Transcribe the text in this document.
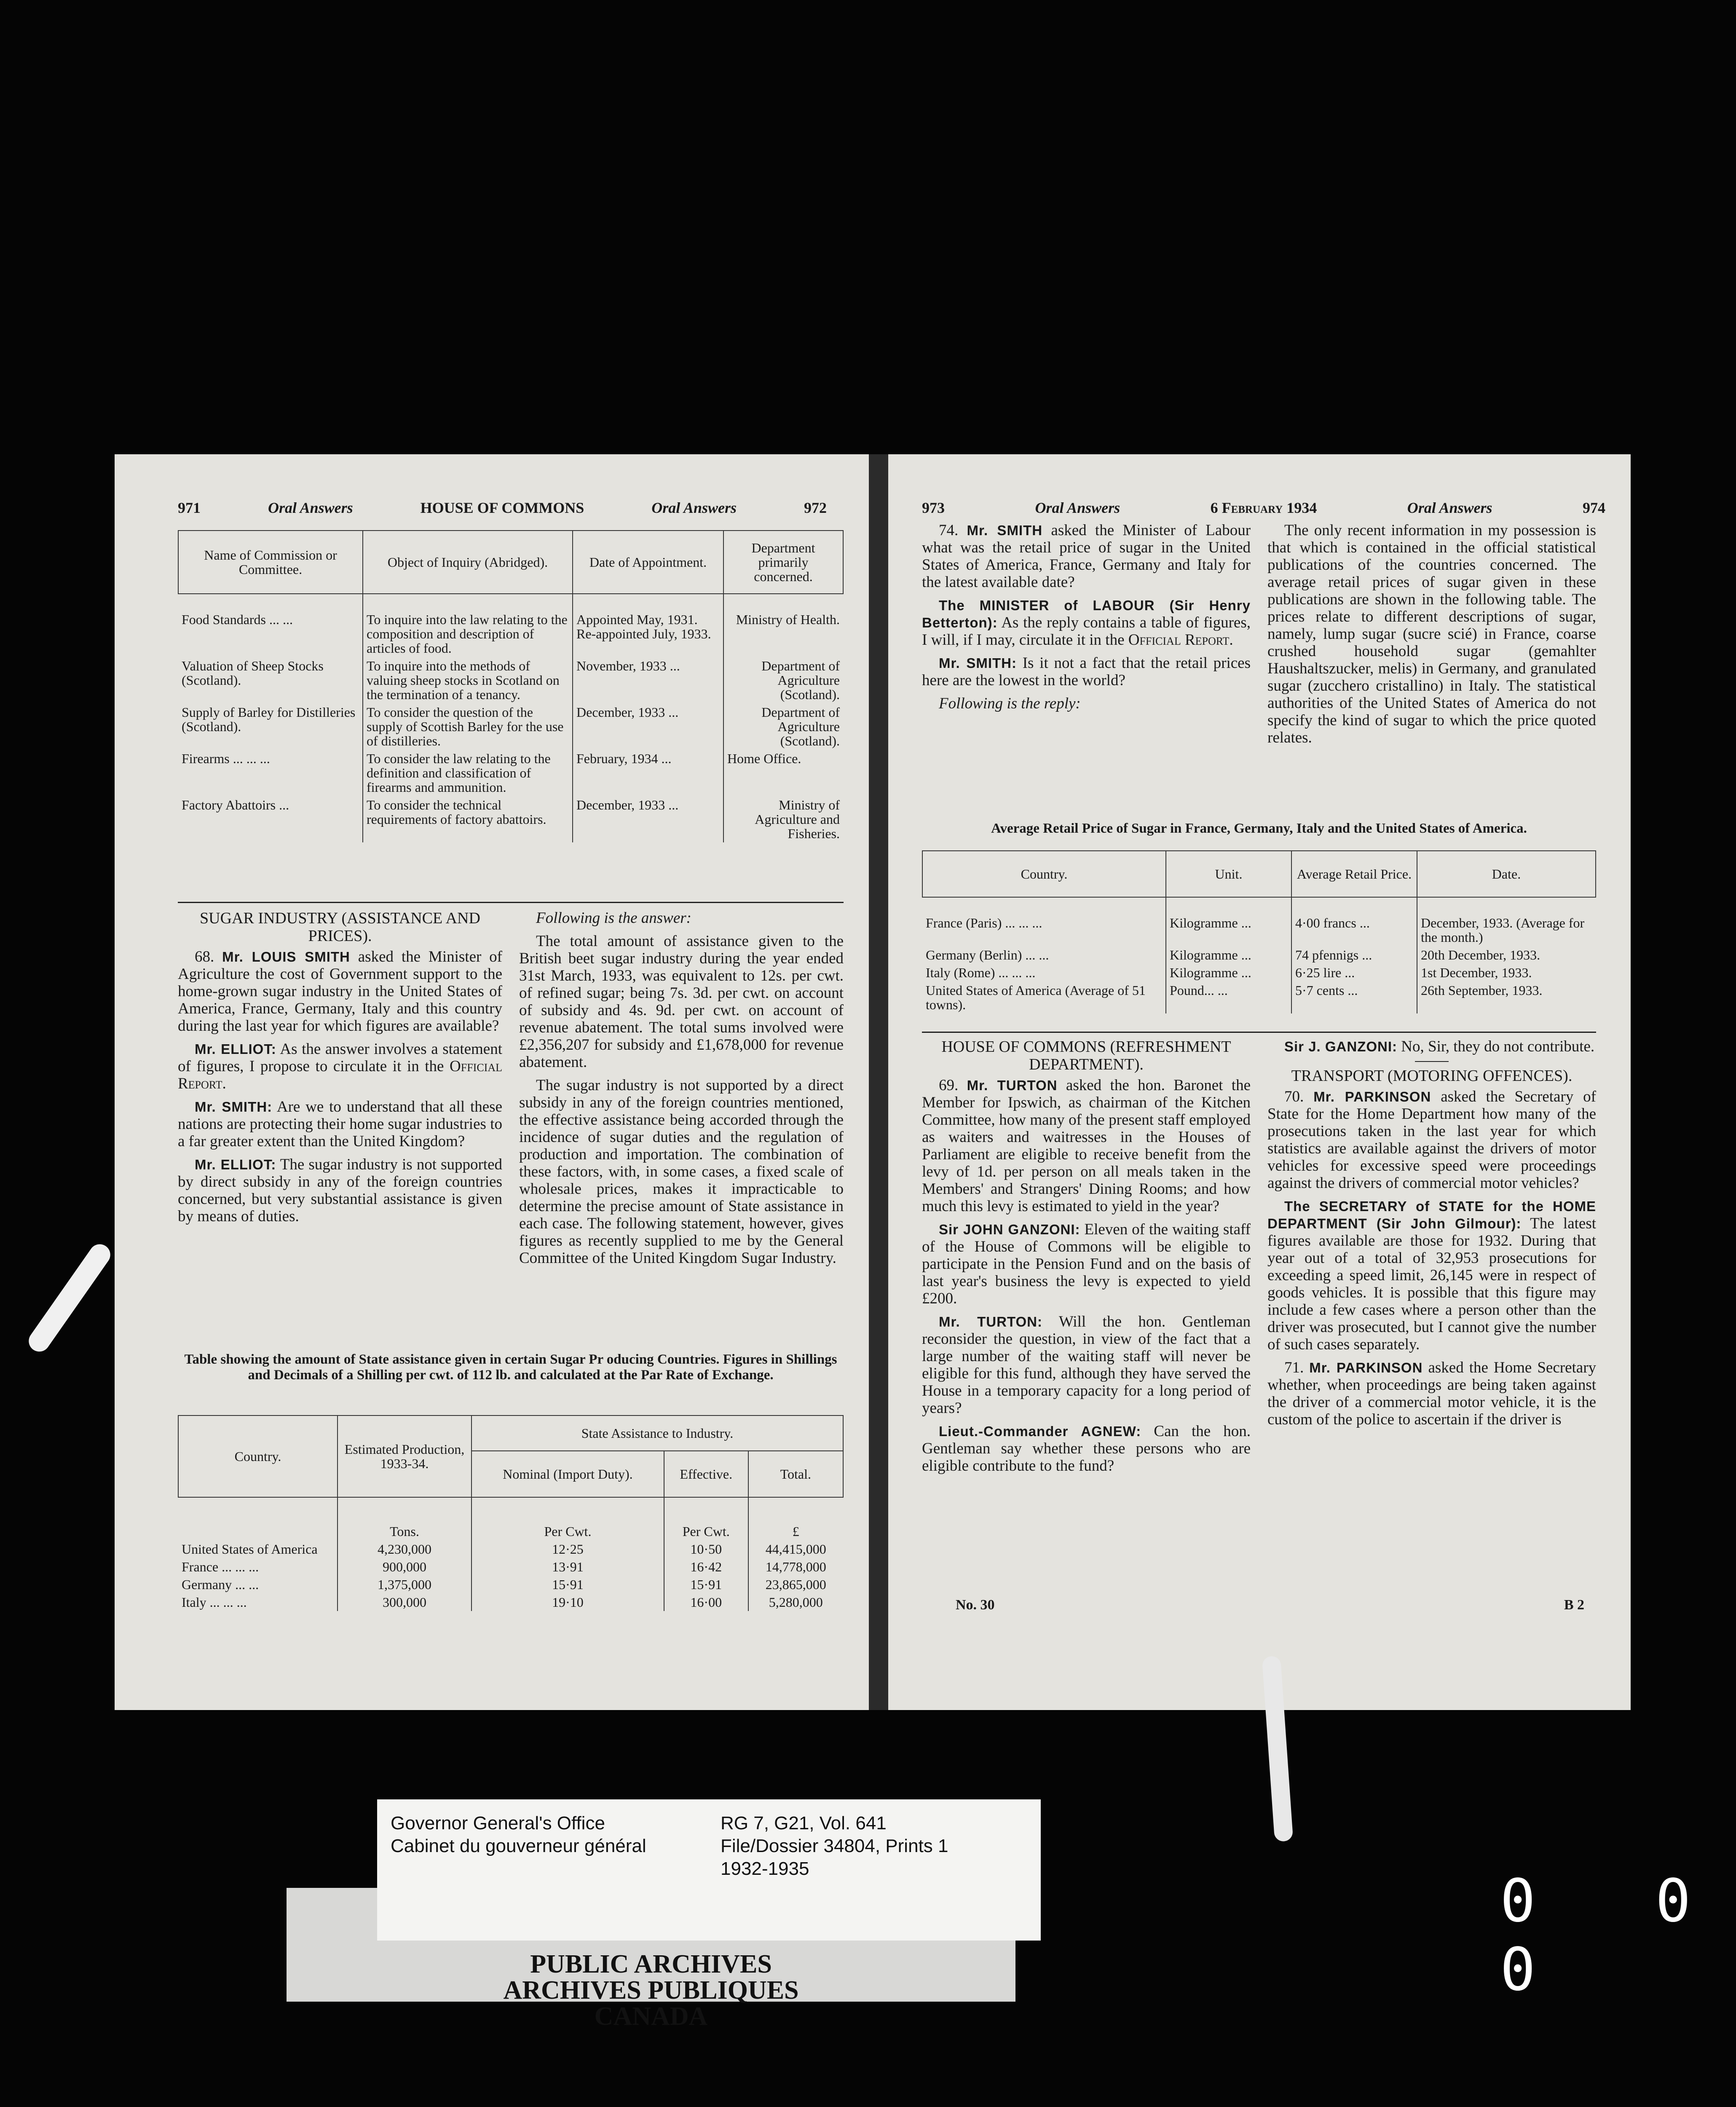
971	Oral Answers	HOUSE OF COMMONS	Oral Answers	972
Name of Commission or Committee.	Object of Inquiry (Abridged).	Date of Appointment.	Department primarily concerned.

Food Standards ... ...	To inquire into the law relating to the composition and description of articles of food.	Appointed May, 1931. Re-appointed July, 1933.	Ministry of Health.
Valuation of Sheep Stocks (Scotland).	To inquire into the methods of valuing sheep stocks in Scotland on the termination of a tenancy.	November, 1933 ...	Department of Agriculture (Scotland).
Supply of Barley for Distilleries (Scotland).	To consider the question of the supply of Scottish Barley for the use of distilleries.	December, 1933 ...	Department of Agriculture (Scotland).
Firearms ... ... ...	To consider the law relating to the definition and classification of firearms and ammunition.	February, 1934 ...	Home Office.
Factory Abattoirs ...	To consider the technical requirements of factory abattoirs.	December, 1933 ...	Ministry of Agriculture and Fisheries.
SUGAR INDUSTRY (ASSISTANCE AND PRICES).

68. Mr. LOUIS SMITH asked the Minister of Agriculture the cost of Government support to the home-grown sugar industry in the United States of America, France, Germany, Italy and this country during the last year for which figures are available?

Mr. ELLIOT: As the answer involves a statement of figures, I propose to circulate it in the Official Report.

Mr. SMITH: Are we to understand that all these nations are protecting their home sugar industries to a far greater extent than the United Kingdom?

Mr. ELLIOT: The sugar industry is not supported by direct subsidy in any of the foreign countries concerned, but very substantial assistance is given by means of duties.

Following is the answer:

The total amount of assistance given to the British beet sugar industry during the year ended 31st March, 1933, was equivalent to 12s. per cwt. of refined sugar; being 7s. 3d. per cwt. on account of subsidy and 4s. 9d. per cwt. on account of revenue abatement. The total sums involved were £2,356,207 for subsidy and £1,678,000 for revenue abatement.

The sugar industry is not supported by a direct subsidy in any of the foreign countries mentioned, the effective assistance being accorded through the incidence of sugar duties and the regulation of production and importation. The combination of these factors, with, in some cases, a fixed scale of wholesale prices, makes it impracticable to determine the precise amount of State assistance in each case. The following statement, however, gives figures as recently supplied to me by the General Committee of the United Kingdom Sugar Industry.

Table showing the amount of State assistance given in certain Sugar Pr oducing Countries. Figures in Shillings and Decimals of a Shilling per cwt. of 112 lb. and calculated at the Par Rate of Exchange.
Country.	Estimated Production, 1933-34.	State Assistance to Industry.		
		Nominal (Import Duty).	Effective.	Total.

	Tons.	Per Cwt.	Per Cwt.	£
United States of America	4,230,000	12·25	10·50	44,415,000
France ... ... ...	900,000	13·91	16·42	14,778,000
Germany ... ...	1,375,000	15·91	15·91	23,865,000
Italy ... ... ...	300,000	19·10	16·00	5,280,000
973	Oral Answers	6 February 1934	Oral Answers	974

74. Mr. SMITH asked the Minister of Labour what was the retail price of sugar in the United States of America, France, Germany and Italy for the latest available date?

The MINISTER of LABOUR (Sir Henry Betterton): As the reply contains a table of figures, I will, if I may, circulate it in the Official Report.

Mr. SMITH: Is it not a fact that the retail prices here are the lowest in the world?

Following is the reply:

The only recent information in my possession is that which is contained in the official statistical publications of the countries concerned. The average retail prices of sugar given in these publications are shown in the following table. The prices relate to different descriptions of sugar, namely, lump sugar (sucre scié) in France, coarse crushed household sugar (gemahlter Haushaltszucker, melis) in Germany, and granulated sugar (zucchero cristallino) in Italy. The statistical authorities of the United States of America do not specify the kind of sugar to which the price quoted relates.

Average Retail Price of Sugar in France, Germany, Italy and the United States of America.
Country.	Unit.	Average Retail Price.	Date.

France (Paris) ... ... ...	Kilogramme ...	4·00 francs ...	December, 1933. (Average for the month.)
Germany (Berlin) ... ...	Kilogramme ...	74 pfennigs ...	20th December, 1933.
Italy (Rome) ... ... ...	Kilogramme ...	6·25 lire ...	1st December, 1933.
United States of America (Average of 51 towns).	Pound... ...	5·7 cents ...	26th September, 1933.
HOUSE OF COMMONS (REFRESHMENT DEPARTMENT).

69. Mr. TURTON asked the hon. Baronet the Member for Ipswich, as chairman of the Kitchen Committee, how many of the present staff employed as waiters and waitresses in the Houses of Parliament are eligible to receive benefit from the levy of 1d. per person on all meals taken in the Members' and Strangers' Dining Rooms; and how much this levy is estimated to yield in the year?

Sir JOHN GANZONI: Eleven of the waiting staff of the House of Commons will be eligible to participate in the Pension Fund and on the basis of last year's business the levy is expected to yield £200.

Mr. TURTON: Will the hon. Gentleman reconsider the question, in view of the fact that a large number of the waiting staff will never be eligible for this fund, although they have served the House in a temporary capacity for a long period of years?

Lieut.-Commander AGNEW: Can the hon. Gentleman say whether these persons who are eligible contribute to the fund?

Sir J. GANZONI: No, Sir, they do not contribute.

TRANSPORT (MOTORING OFFENCES).

70. Mr. PARKINSON asked the Secretary of State for the Home Department how many of the prosecutions taken in the last year for which statistics are available against the drivers of motor vehicles for excessive speed were proceedings against the drivers of commercial motor vehicles?

The SECRETARY of STATE for the HOME DEPARTMENT (Sir John Gilmour): The latest figures available are those for 1932. During that year out of a total of 32,953 prosecutions for exceeding a speed limit, 26,145 were in respect of goods vehicles. It is possible that this figure may include a few cases where a person other than the driver was prosecuted, but I cannot give the number of such cases separately.

71. Mr. PARKINSON asked the Home Secretary whether, when proceedings are being taken against the driver of a commercial motor vehicle, it is the custom of the police to ascertain if the driver is

No. 30	B 2
PUBLIC ARCHIVES
ARCHIVES PUBLIQUES
CANADA
Governor General's Office
Cabinet du gouverneur général
RG 7, G21, Vol. 641
File/Dossier 34804, Prints 1
1932-1935	0 0 0
